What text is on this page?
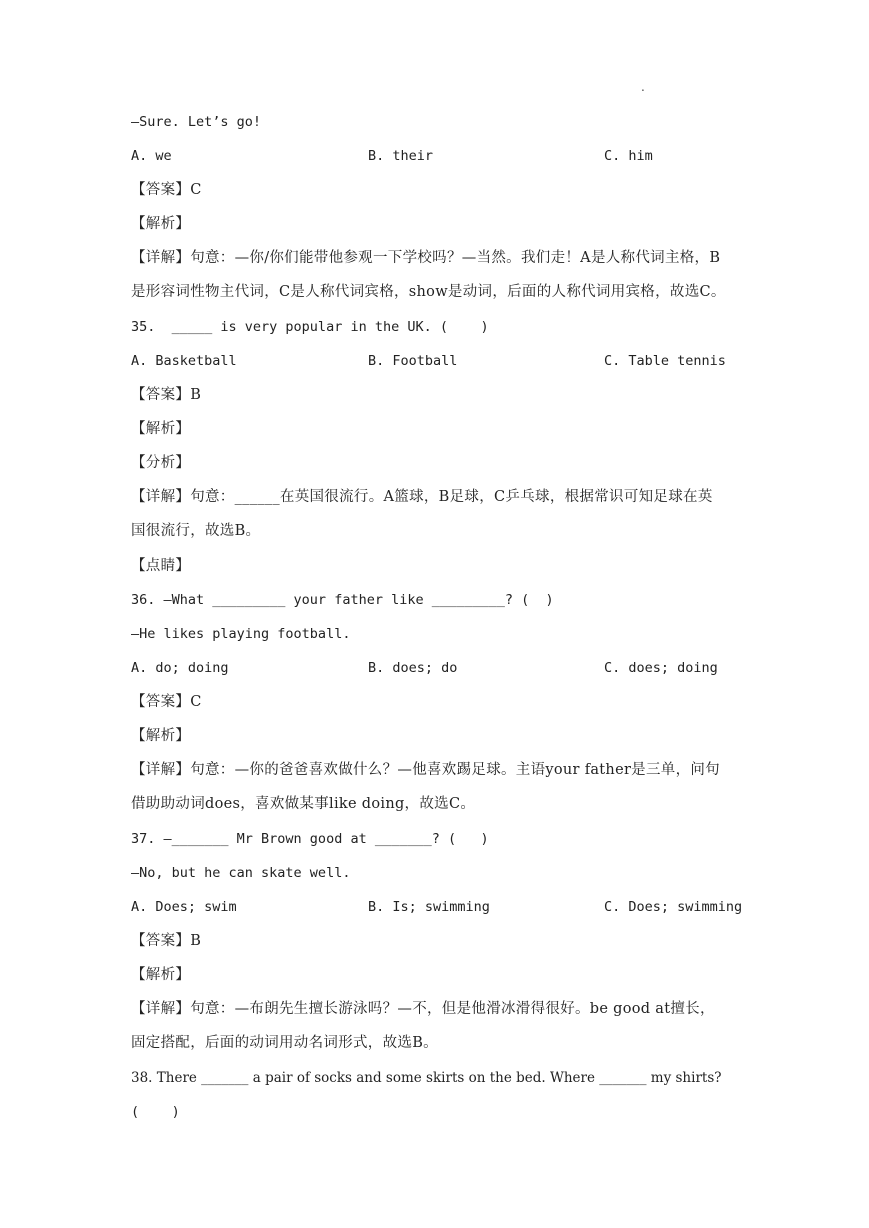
.
—Sure. Let’s go!
A. we	B. their	C. him
【答案】C
【解析】
【详解】句意：—你/你们能带他参观一下学校吗？—当然。我们走！A是人称代词主格，B
是形容词性物主代词，C是人称代词宾格，show是动词，后面的人称代词用宾格，故选C。
35.  _____ is very popular in the UK. (    )
A. Basketball	B. Football	C. Table tennis
【答案】B
【解析】
【分析】
【详解】句意：______在英国很流行。A篮球，B足球，C乒乓球，根据常识可知足球在英
国很流行，故选B。
【点睛】
36. —What _________ your father like _________? (  )
—He likes playing football.
A. do; doing	B. does; do	C. does; doing
【答案】C
【解析】
【详解】句意：—你的爸爸喜欢做什么？—他喜欢踢足球。主语your father是三单，问句
借助助动词does，喜欢做某事like doing，故选C。
37. —_______ Mr Brown good at _______? (   )
—No, but he can skate well.
A. Does; swim	B. Is; swimming	C. Does; swimming
【答案】B
【解析】
【详解】句意：—布朗先生擅长游泳吗？—不，但是他滑冰滑得很好。be good at擅长，
固定搭配，后面的动词用动名词形式，故选B。
38. There _______ a pair of socks and some skirts on the bed. Where _______ my shirts?
(    )
